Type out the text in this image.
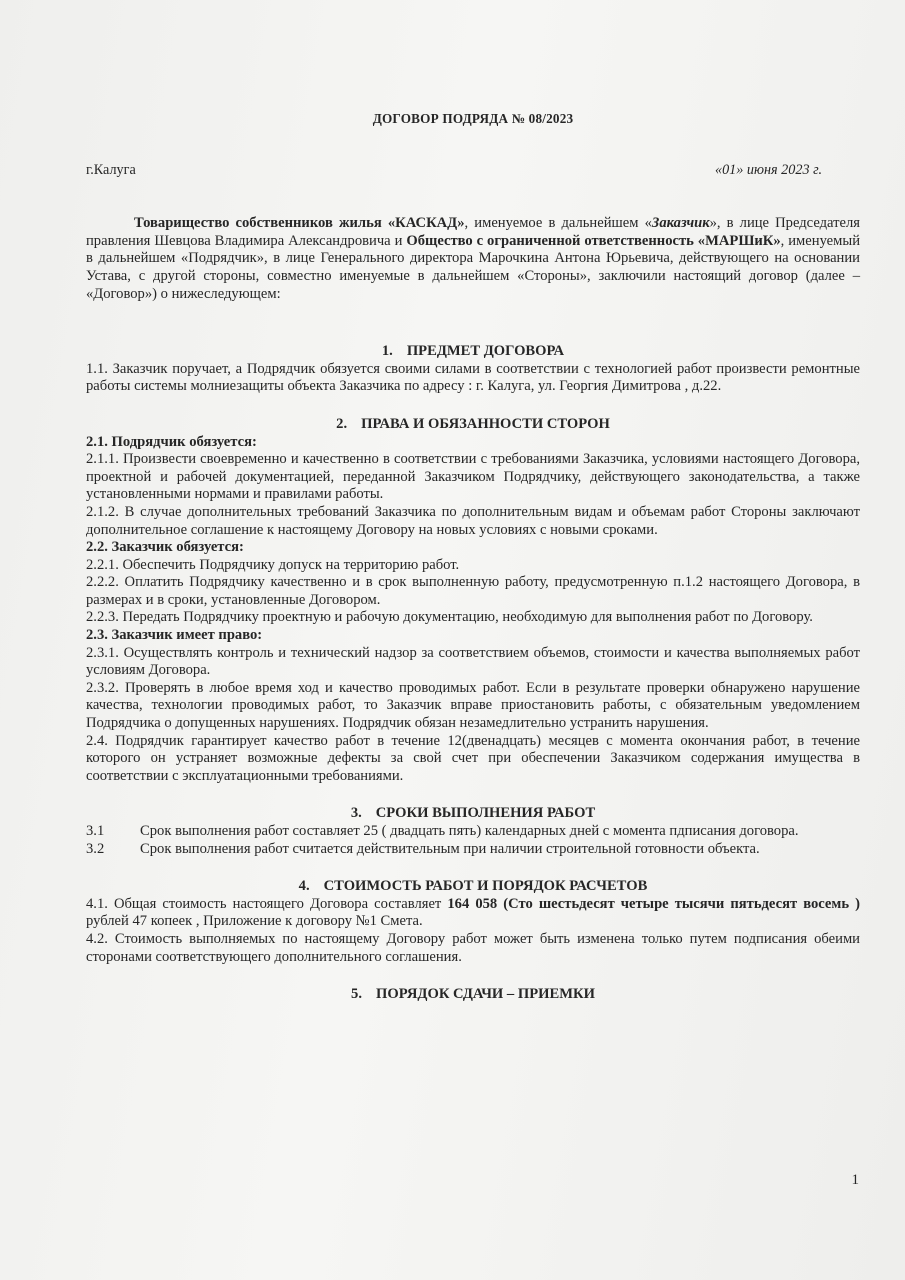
ДОГОВОР ПОДРЯДА № 08/2023
г.Калуга	«01» июня 2023 г.

Товарищество собственников жилья «КАСКАД», именуемое в дальнейшем «Заказчик», в лице Председателя правления Шевцова Владимира Александровича и Общество с ограниченной ответственность «МАРШиК», именуемый в дальнейшем «Подрядчик», в лице Генерального директора Марочкина Антона Юрьевича, действующего на основании Устава, с другой стороны, совместно именуемые в дальнейшем «Стороны», заключили настоящий договор (далее – «Договор») о нижеследующем:

1. ПРЕДМЕТ ДОГОВОРА

1.1. Заказчик поручает, а Подрядчик обязуется своими силами в соответствии с технологией работ произвести ремонтные работы системы молниезащиты объекта Заказчика по адресу : г. Калуга, ул. Георгия Димитрова , д.22.

2. ПРАВА И ОБЯЗАННОСТИ СТОРОН

2.1. Подрядчик обязуется:

2.1.1. Произвести своевременно и качественно в соответствии с требованиями Заказчика, условиями настоящего Договора, проектной и рабочей документацией, переданной Заказчиком Подрядчику, действующего законодательства, а также установленными нормами и правилами работы.

2.1.2. В случае дополнительных требований Заказчика по дополнительным видам и объемам работ Стороны заключают дополнительное соглашение к настоящему Договору на новых условиях с новыми сроками.

2.2. Заказчик обязуется:

2.2.1. Обеспечить Подрядчику допуск на территорию работ.

2.2.2. Оплатить Подрядчику качественно и в срок выполненную работу, предусмотренную п.1.2 настоящего Договора, в размерах и в сроки, установленные Договором.

2.2.3. Передать Подрядчику проектную и рабочую документацию, необходимую для выполнения работ по Договору.

2.3. Заказчик имеет право:

2.3.1. Осуществлять контроль и технический надзор за соответствием объемов, стоимости и качества выполняемых работ условиям Договора.

2.3.2. Проверять в любое время ход и качество проводимых работ. Если в результате проверки обнаружено нарушение качества, технологии проводимых работ, то Заказчик вправе приостановить работы, с обязательным уведомлением Подрядчика о допущенных нарушениях. Подрядчик обязан незамедлительно устранить нарушения.

2.4. Подрядчик гарантирует качество работ в течение 12(двенадцать) месяцев с момента окончания работ, в течение которого он устраняет возможные дефекты за свой счет при обеспечении Заказчиком содержания имущества в соответствии с эксплуатационными требованиями.

3. СРОКИ ВЫПОЛНЕНИЯ РАБОТ
3.1	Срок выполнения работ составляет 25 ( двадцать пять) календарных дней с момента пдписания договора.
3.2	Срок выполнения работ считается действительным при наличии строительной готовности объекта.
4. СТОИМОСТЬ РАБОТ И ПОРЯДОК РАСЧЕТОВ

4.1. Общая стоимость настоящего Договора составляет 164 058 (Сто шестьдесят четыре тысячи пятьдесят восемь ) рублей 47 копеек , Приложение к договору №1 Смета.

4.2. Стоимость выполняемых по настоящему Договору работ может быть изменена только путем подписания обеими сторонами соответствующего дополнительного соглашения.

5. ПОРЯДОК СДАЧИ – ПРИЕМКИ
1
